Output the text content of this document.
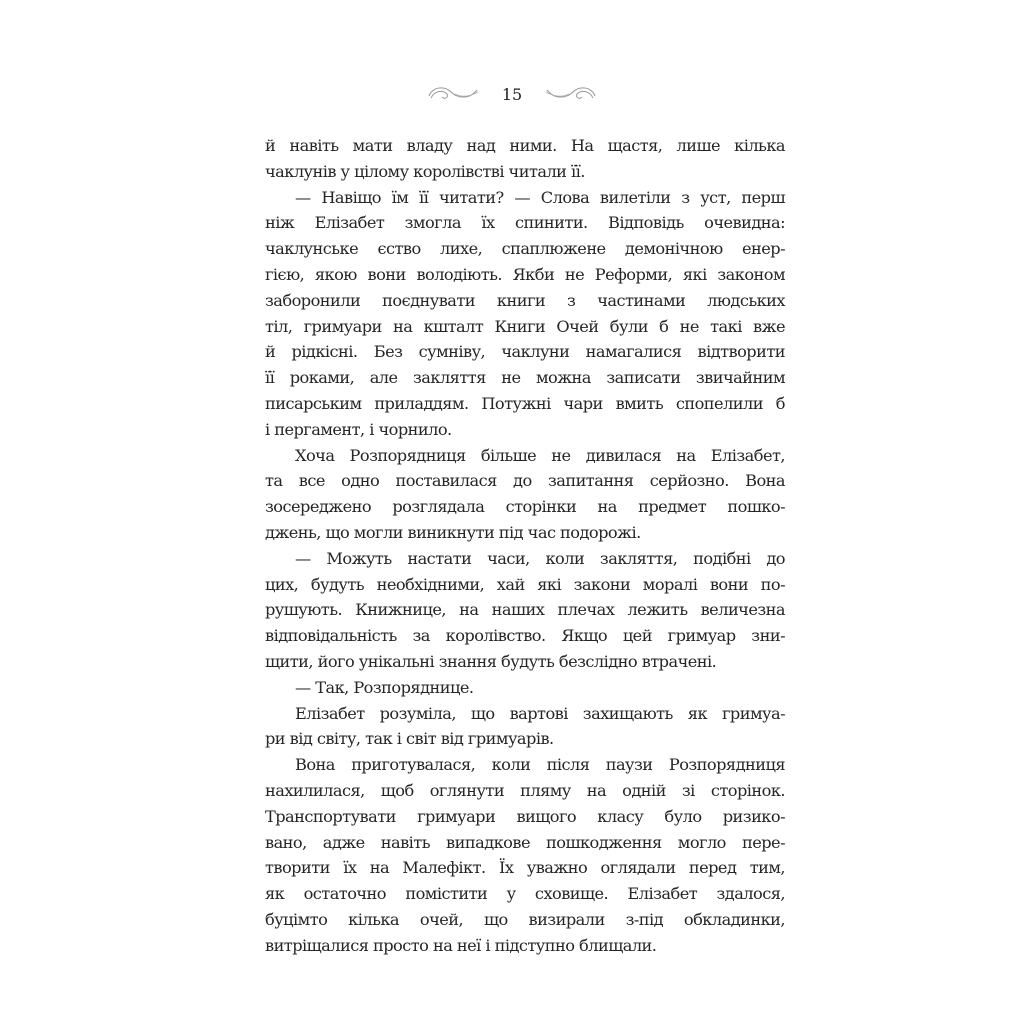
15
й навіть мати владу над ними. На щастя, лише кілька
чаклунів у цілому королівстві читали її.
— Навіщо їм її читати? — Слова вилетіли з уст, перш
ніж Елізабет змогла їх спинити. Відповідь очевидна:
чаклунське єство лихе, спаплюжене демонічною енер-
гією, якою вони володіють. Якби не Реформи, які законом
заборонили поєднувати книги з частинами людських
тіл, гримуари на кшталт Книги Очей були б не такі вже
й рідкісні. Без сумніву, чаклуни намагалися відтворити
її роками, але закляття не можна записати звичайним
писарським приладдям. Потужні чари вмить спопелили б
і пергамент, і чорнило.
Хоча Розпорядниця більше не дивилася на Елізабет,
та все одно поставилася до запитання серйозно. Вона
зосереджено розглядала сторінки на предмет пошко-
джень, що могли виникнути під час подорожі.
— Можуть настати часи, коли закляття, подібні до
цих, будуть необхідними, хай які закони моралі вони по-
рушують. Книжнице, на наших плечах лежить величезна
відповідальність за королівство. Якщо цей гримуар зни-
щити, його унікальні знання будуть безслідно втрачені.
— Так, Розпоряднице.
Елізабет розуміла, що вартові захищають як гримуа-
ри від світу, так і світ від гримуарів.
Вона приготувалася, коли після паузи Розпорядниця
нахилилася, щоб оглянути пляму на одній зі сторінок.
Транспортувати гримуари вищого класу було ризико-
вано, адже навіть випадкове пошкодження могло пере-
творити їх на Малефікт. Їх уважно оглядали перед тим,
як остаточно помістити у сховище. Елізабет здалося,
буцімто кілька очей, що визирали з-під обкладинки,
витріщалися просто на неї і підступно блищали.
